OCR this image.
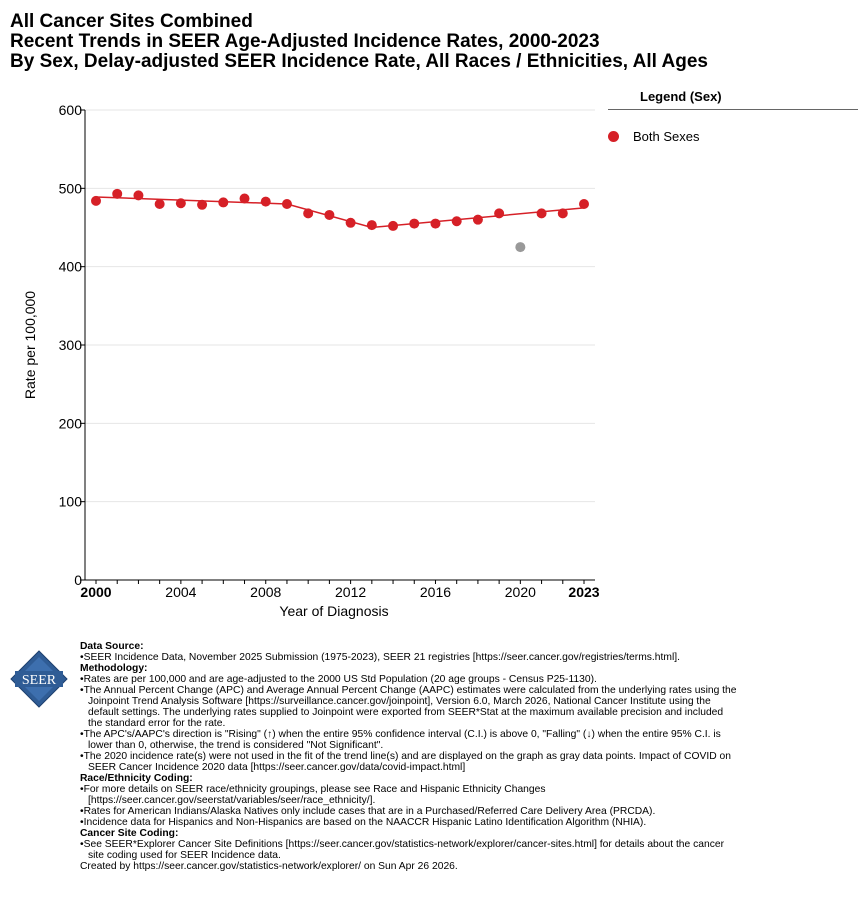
All Cancer Sites Combined
Recent Trends in SEER Age-Adjusted Incidence Rates, 2000-2023
By Sex, Delay-adjusted SEER Incidence Rate, All Races / Ethnicities, All Ages
0
100
200
300
400
500
600
2000	2004	2008	2012	2016	2020 2023
Year of Diagnosis
Rate per 100,000
Legend (Sex)
Both Sexes
SEER
Data Source:
• SEER Incidence Data, November 2025 Submission (1975-2023), SEER 21 registries [https://seer.cancer.gov/registries/terms.html].
Methodology:
• Rates are per 100,000 and are age-adjusted to the 2000 US Std Population (20 age groups - Census P25-1130).
• The Annual Percent Change (APC) and Average Annual Percent Change (AAPC) estimates were calculated from the underlying rates using the Joinpoint Trend Analysis Software [https://surveillance.cancer.gov/joinpoint], Version 6.0, March 2026, National Cancer Institute using the default settings. The underlying rates supplied to Joinpoint were exported from SEER*Stat at the maximum available precision and included the standard error for the rate.
• The APC's/AAPC's direction is "Rising" (↑) when the entire 95% confidence interval (C.I.) is above 0, "Falling" (↓) when the entire 95% C.I. is lower than 0, otherwise, the trend is considered "Not Significant".
• The 2020 incidence rate(s) were not used in the fit of the trend line(s) and are displayed on the graph as gray data points. Impact of COVID on SEER Cancer Incidence 2020 data [https://seer.cancer.gov/data/covid-impact.html]
Race/Ethnicity Coding:
• For more details on SEER race/ethnicity groupings, please see Race and Hispanic Ethnicity Changes [https://seer.cancer.gov/seerstat/variables/seer/race_ethnicity/].
• Rates for American Indians/Alaska Natives only include cases that are in a Purchased/Referred Care Delivery Area (PRCDA).
• Incidence data for Hispanics and Non-Hispanics are based on the NAACCR Hispanic Latino Identification Algorithm (NHIA).
Cancer Site Coding:
• See SEER*Explorer Cancer Site Definitions [https://seer.cancer.gov/statistics-network/explorer/cancer-sites.html] for details about the cancer site coding used for SEER Incidence data.
Created by https://seer.cancer.gov/statistics-network/explorer/ on Sun Apr 26 2026.
